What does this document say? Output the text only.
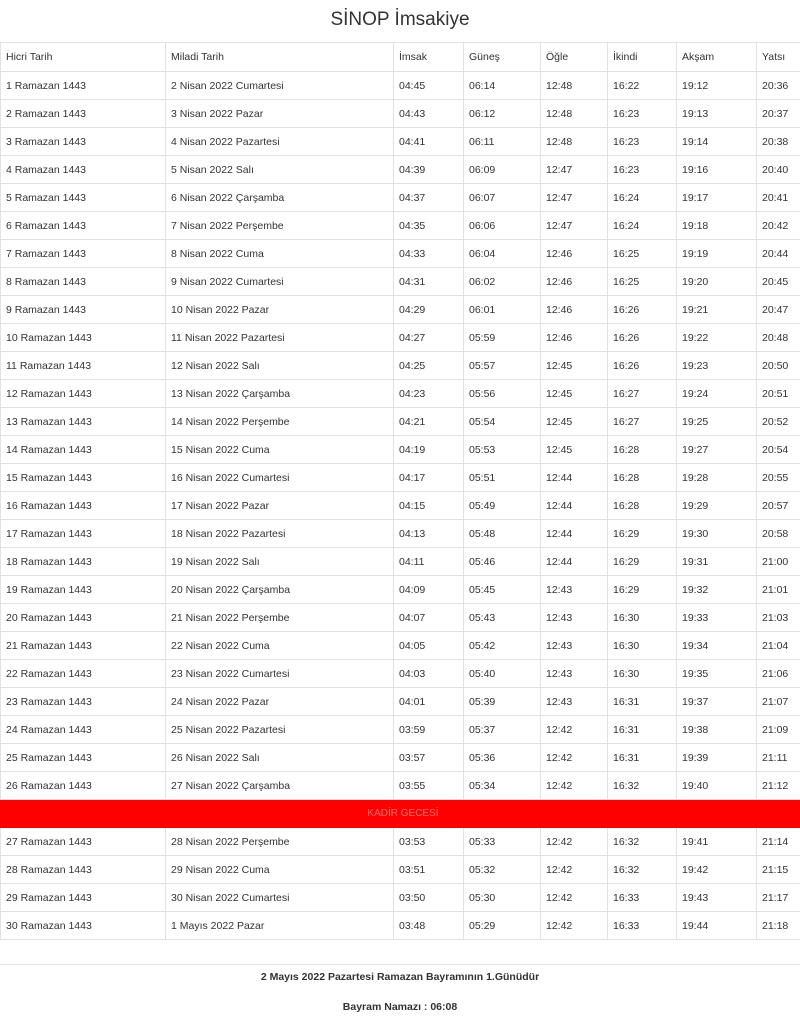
SİNOP İmsakiye
Hicri Tarih	Miladi Tarih	İmsak	Güneş	Öğle	İkindi	Akşam	Yatsı
1 Ramazan 1443	2 Nisan 2022 Cumartesi	04:45	06:14	12:48	16:22	19:12	20:36
2 Ramazan 1443	3 Nisan 2022 Pazar	04:43	06:12	12:48	16:23	19:13	20:37
3 Ramazan 1443	4 Nisan 2022 Pazartesi	04:41	06:11	12:48	16:23	19:14	20:38
4 Ramazan 1443	5 Nisan 2022 Salı	04:39	06:09	12:47	16:23	19:16	20:40
5 Ramazan 1443	6 Nisan 2022 Çarşamba	04:37	06:07	12:47	16:24	19:17	20:41
6 Ramazan 1443	7 Nisan 2022 Perşembe	04:35	06:06	12:47	16:24	19:18	20:42
7 Ramazan 1443	8 Nisan 2022 Cuma	04:33	06:04	12:46	16:25	19:19	20:44
8 Ramazan 1443	9 Nisan 2022 Cumartesi	04:31	06:02	12:46	16:25	19:20	20:45
9 Ramazan 1443	10 Nisan 2022 Pazar	04:29	06:01	12:46	16:26	19:21	20:47
10 Ramazan 1443	11 Nisan 2022 Pazartesi	04:27	05:59	12:46	16:26	19:22	20:48
11 Ramazan 1443	12 Nisan 2022 Salı	04:25	05:57	12:45	16:26	19:23	20:50
12 Ramazan 1443	13 Nisan 2022 Çarşamba	04:23	05:56	12:45	16:27	19:24	20:51
13 Ramazan 1443	14 Nisan 2022 Perşembe	04:21	05:54	12:45	16:27	19:25	20:52
14 Ramazan 1443	15 Nisan 2022 Cuma	04:19	05:53	12:45	16:28	19:27	20:54
15 Ramazan 1443	16 Nisan 2022 Cumartesi	04:17	05:51	12:44	16:28	19:28	20:55
16 Ramazan 1443	17 Nisan 2022 Pazar	04:15	05:49	12:44	16:28	19:29	20:57
17 Ramazan 1443	18 Nisan 2022 Pazartesi	04:13	05:48	12:44	16:29	19:30	20:58
18 Ramazan 1443	19 Nisan 2022 Salı	04:11	05:46	12:44	16:29	19:31	21:00
19 Ramazan 1443	20 Nisan 2022 Çarşamba	04:09	05:45	12:43	16:29	19:32	21:01
20 Ramazan 1443	21 Nisan 2022 Perşembe	04:07	05:43	12:43	16:30	19:33	21:03
21 Ramazan 1443	22 Nisan 2022 Cuma	04:05	05:42	12:43	16:30	19:34	21:04
22 Ramazan 1443	23 Nisan 2022 Cumartesi	04:03	05:40	12:43	16:30	19:35	21:06
23 Ramazan 1443	24 Nisan 2022 Pazar	04:01	05:39	12:43	16:31	19:37	21:07
24 Ramazan 1443	25 Nisan 2022 Pazartesi	03:59	05:37	12:42	16:31	19:38	21:09
25 Ramazan 1443	26 Nisan 2022 Salı	03:57	05:36	12:42	16:31	19:39	21:11
26 Ramazan 1443	27 Nisan 2022 Çarşamba	03:55	05:34	12:42	16:32	19:40	21:12
KADİR GECESİ							
27 Ramazan 1443	28 Nisan 2022 Perşembe	03:53	05:33	12:42	16:32	19:41	21:14
28 Ramazan 1443	29 Nisan 2022 Cuma	03:51	05:32	12:42	16:32	19:42	21:15
29 Ramazan 1443	30 Nisan 2022 Cumartesi	03:50	05:30	12:42	16:33	19:43	21:17
30 Ramazan 1443	1 Mayıs 2022 Pazar	03:48	05:29	12:42	16:33	19:44	21:18
2 Mayıs 2022 Pazartesi Ramazan Bayramının 1.Günüdür
Bayram Namazı : 06:08
